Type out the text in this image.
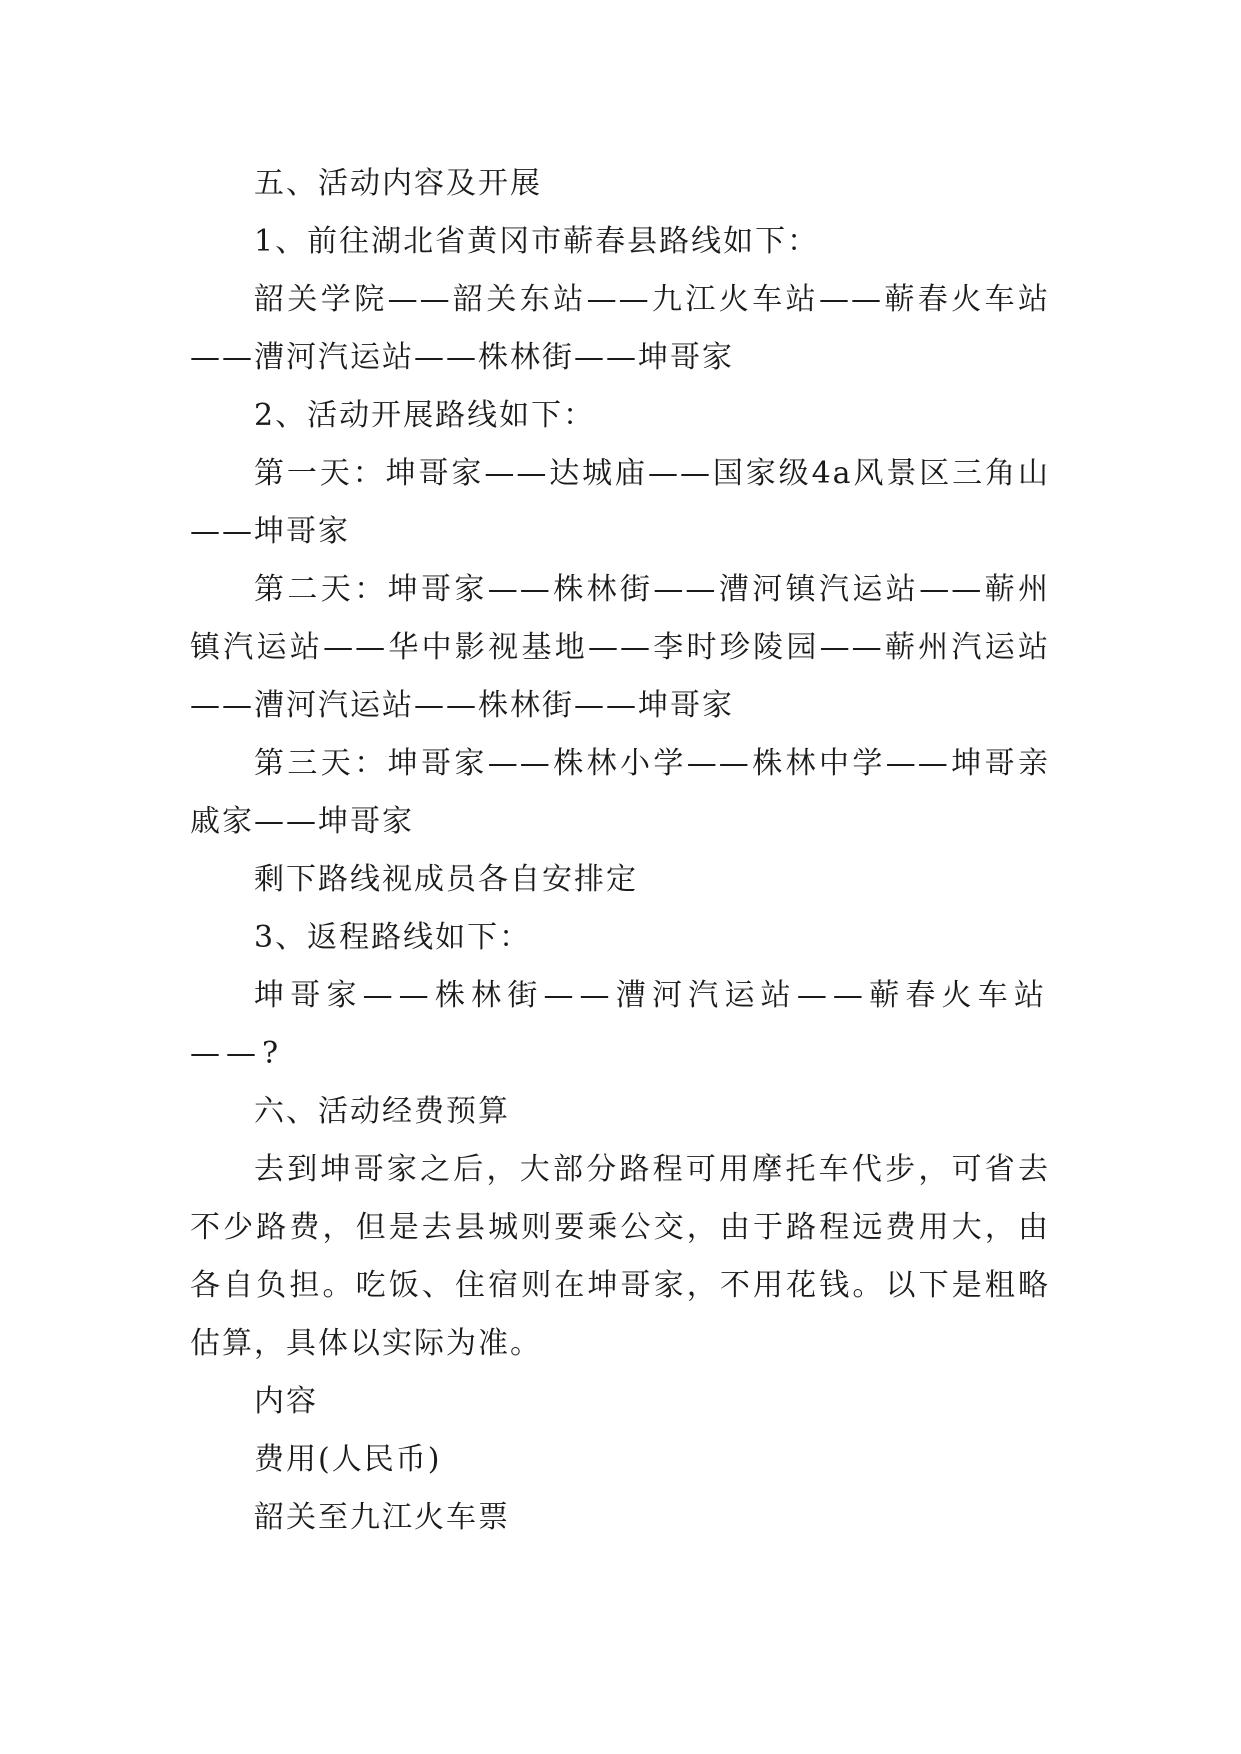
五、活动内容及开展

1、前往湖北省黄冈市蕲春县路线如下：

韶关学院——韶关东站——九江火车站——蕲春火车站——漕河汽运站——株林街——坤哥家

2、活动开展路线如下：

第一天：坤哥家——达城庙——国家级4a风景区三角山——坤哥家

第二天：坤哥家——株林街——漕河镇汽运站——蕲州镇汽运站——华中影视基地——李时珍陵园——蕲州汽运站——漕河汽运站——株林街——坤哥家

第三天：坤哥家——株林小学——株林中学——坤哥亲戚家——坤哥家

剩下路线视成员各自安排定

3、返程路线如下：

坤哥家——株林街——漕河汽运站——蕲春火车站——?

六、活动经费预算

去到坤哥家之后，大部分路程可用摩托车代步，可省去不少路费，但是去县城则要乘公交，由于路程远费用大，由各自负担。吃饭、住宿则在坤哥家，不用花钱。以下是粗略估算，具体以实际为准。

内容

费用(人民币)

韶关至九江火车票
